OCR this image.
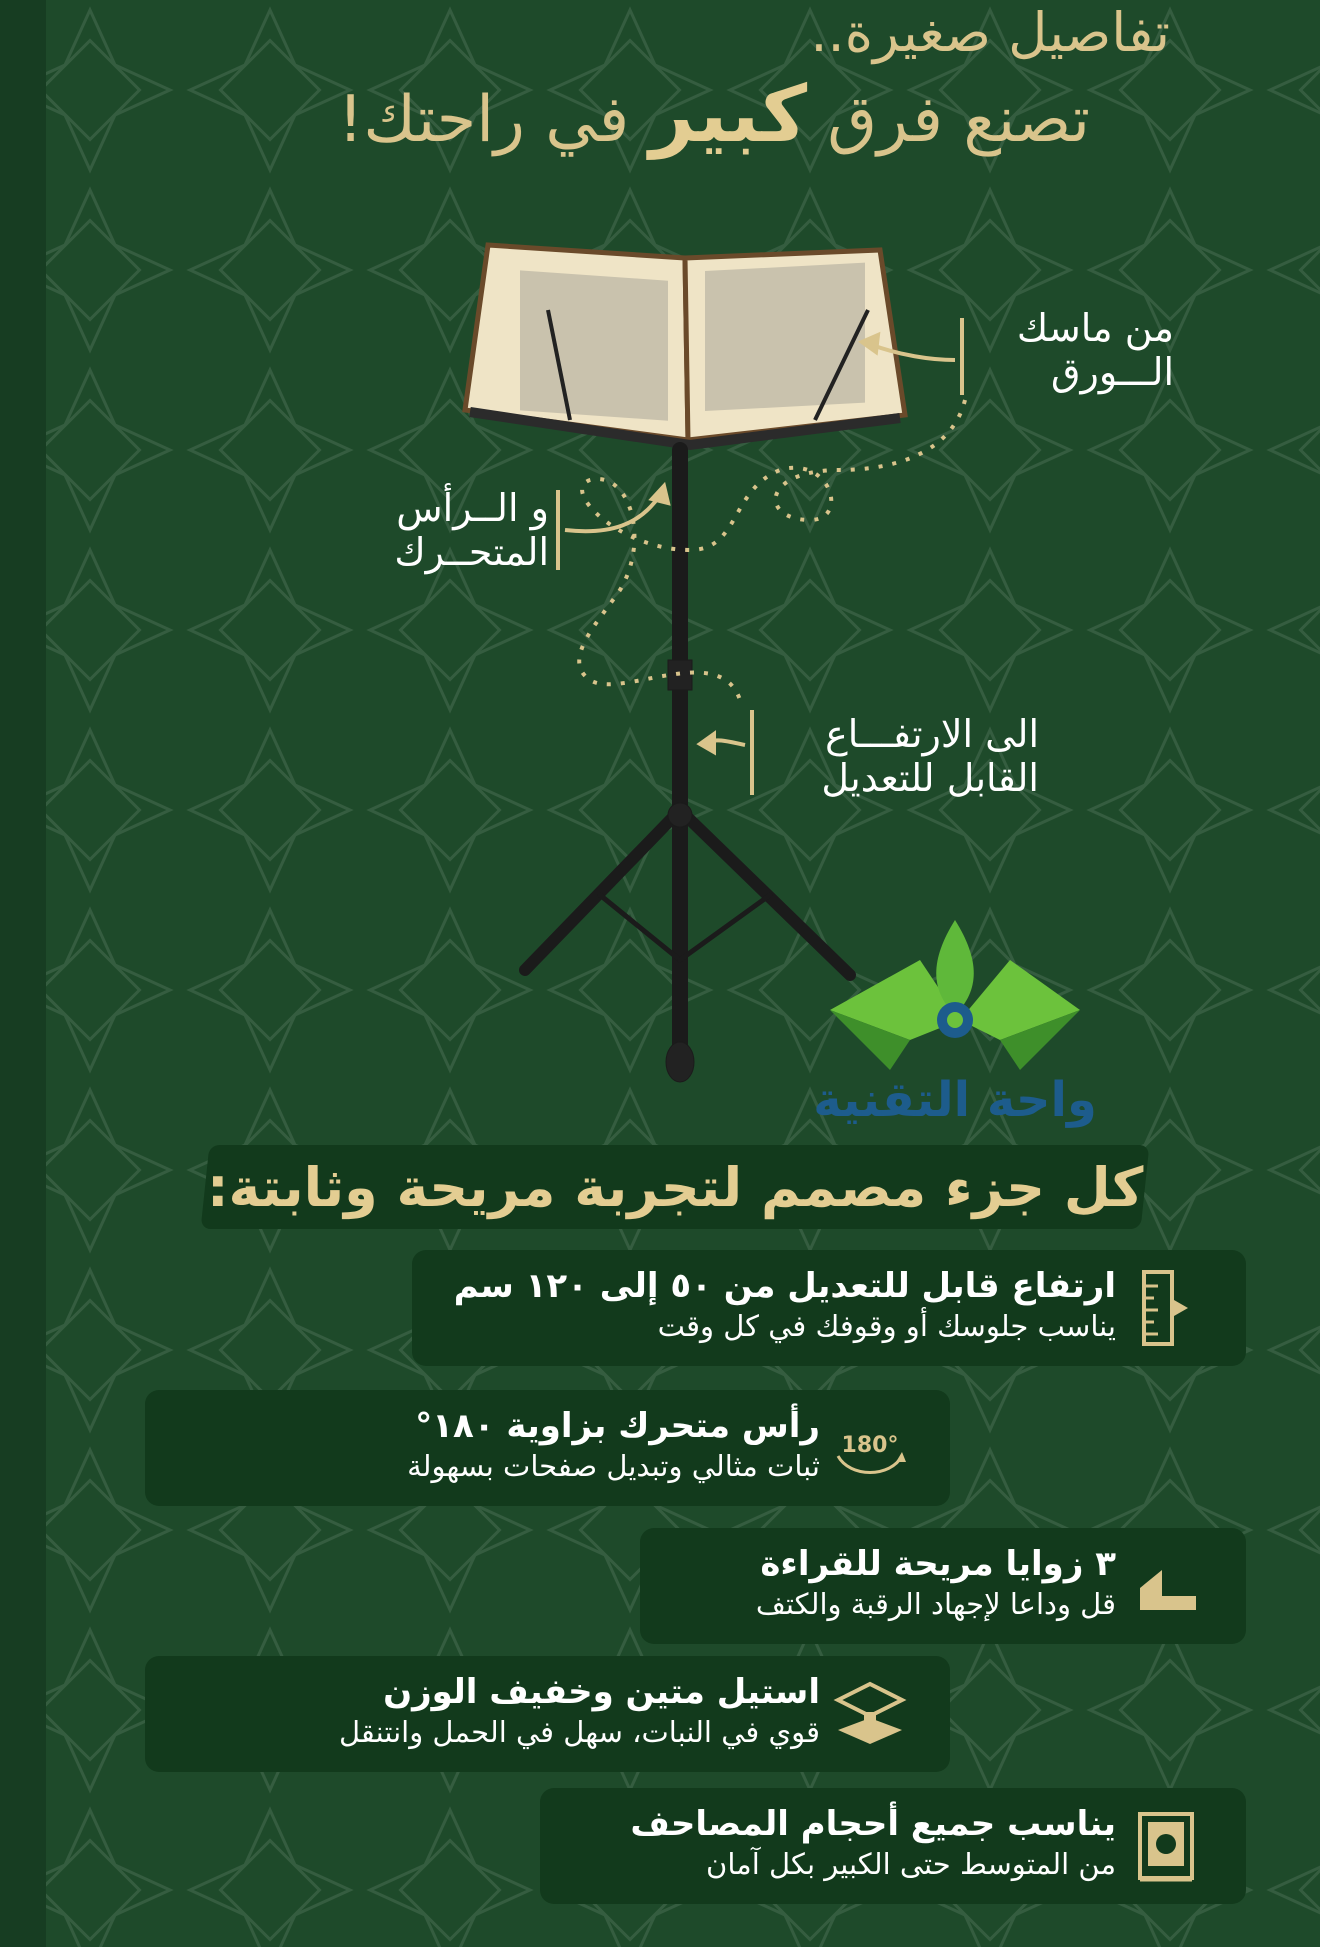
تفاصيل صغيرة..
تصنع فرق كبير في راحتك!
من ماسك
الـــورق
و الــرأس
المتحــرك
الى الارتفـــاع
القابل للتعديل
واحة التقنية
كل جزء مصمم لتجربة مريحة وثابتة:
ارتفاع قابل للتعديل من ٥٠ إلى ١٢٠ سم
يناسب جلوسك أو وقوفك في كل وقت
180°
رأس متحرك بزاوية ١٨٠°
ثبات مثالي وتبديل صفحات بسهولة
٣ زوايا مريحة للقراءة
قل وداعا لإجهاد الرقبة والكتف
استيل متين وخفيف الوزن
قوي في النبات، سهل في الحمل وانتنقل
يناسب جميع أحجام المصاحف
من المتوسط حتى الكبير بكل آمان
